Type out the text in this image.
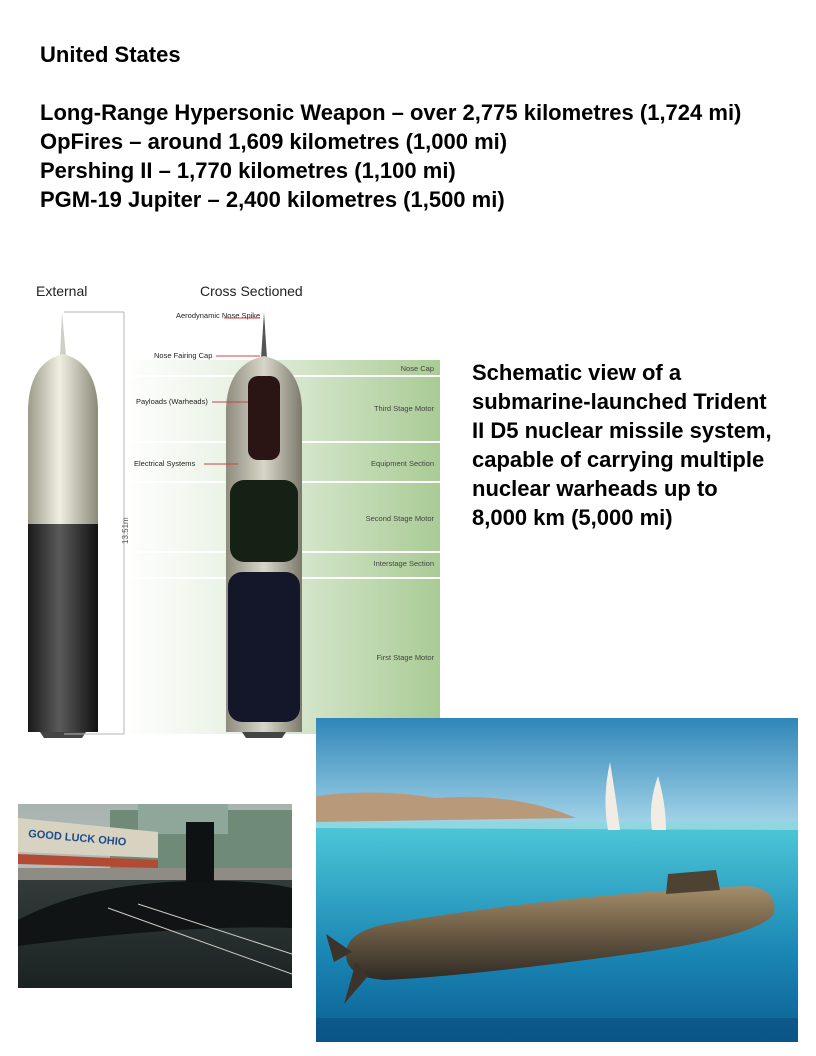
United States
Long-Range Hypersonic Weapon – over 2,775 kilometres (1,724 mi)
OpFires – around 1,609 kilometres (1,000 mi)
Pershing II – 1,770 kilometres (1,100 mi)
PGM-19 Jupiter – 2,400 kilometres (1,500 mi)

Schematic view of a submarine-launched Trident II D5 nuclear missile system, capable of carrying multiple nuclear warheads up to 8,000 km (5,000 mi)

External	Cross Sectioned
13.51m
Aerodynamic Nose Spike
Nose Fairing Cap
Payloads (Warheads)
Electrical Systems
Nose Cap
Third Stage Motor
Equipment Section
Second Stage Motor
Interstage Section
First Stage Motor
GOOD LUCK OHIO
